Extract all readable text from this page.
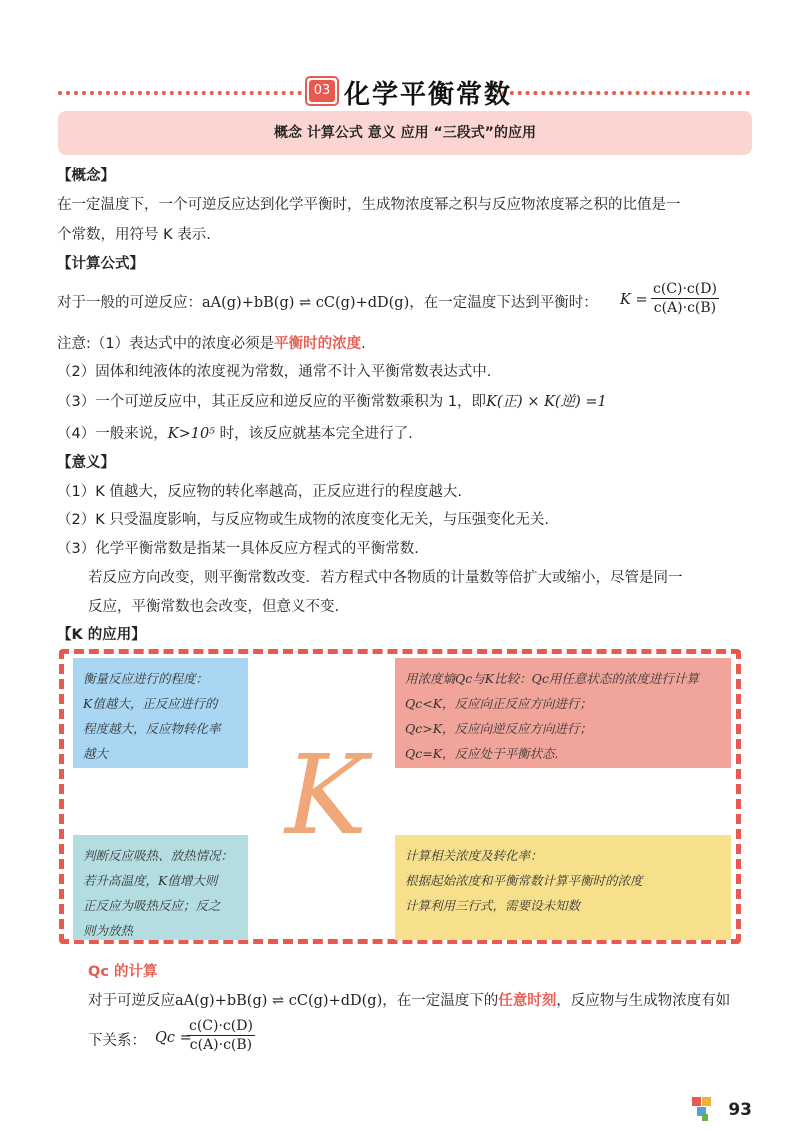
03 化学平衡常数
概念 计算公式 意义 应用 “三段式”的应用
【概念】
在一定温度下，一个可逆反应达到化学平衡时，生成物浓度幂之积与反应物浓度幂之积的比值是一
个常数，用符号 K 表示.
【计算公式】
对于一般的可逆反应：aA(g)+bB(g) ⇌ cC(g)+dD(g)，在一定温度下达到平衡时： K =
c(C)·c(D)
c(A)·c(B)
注意:（1）表达式中的浓度必须是平衡时的浓度.
（2）固体和纯液体的浓度视为常数，通常不计入平衡常数表达式中.
（3）一个可逆反应中，其正反应和逆反应的平衡常数乘积为 1，即K(正) × K(逆) =1
（4）一般来说，K>10⁵ 时，该反应就基本完全进行了.
【意义】
（1）K 值越大，反应物的转化率越高，正反应进行的程度越大.
（2）K 只受温度影响，与反应物或生成物的浓度变化无关，与压强变化无关.
（3）化学平衡常数是指某一具体反应方程式的平衡常数.
若反应方向改变，则平衡常数改变．若方程式中各物质的计量数等倍扩大或缩小，尽管是同一
反应，平衡常数也会改变，但意义不变.
【K 的应用】
衡量反应进行的程度：
K值越大，正反应进行的
程度越大，反应物转化率
越大
用浓度熵Qc与K比较：Qc用任意状态的浓度进行计算
Qc<K，反应向正反应方向进行；
Qc>K，反应向逆反应方向进行；
Qc=K，反应处于平衡状态.
K
判断反应吸热、放热情况：
若升高温度，K值增大则
正反应为吸热反应；反之
则为放热
计算相关浓度及转化率：
根据起始浓度和平衡常数计算平衡时的浓度
计算利用三行式，需要设未知数
Qc 的计算
对于可逆反应aA(g)+bB(g) ⇌ cC(g)+dD(g)，在一定温度下的任意时刻，反应物与生成物浓度有如
下关系： Qc =
c(C)·c(D)
c(A)·c(B)
93
